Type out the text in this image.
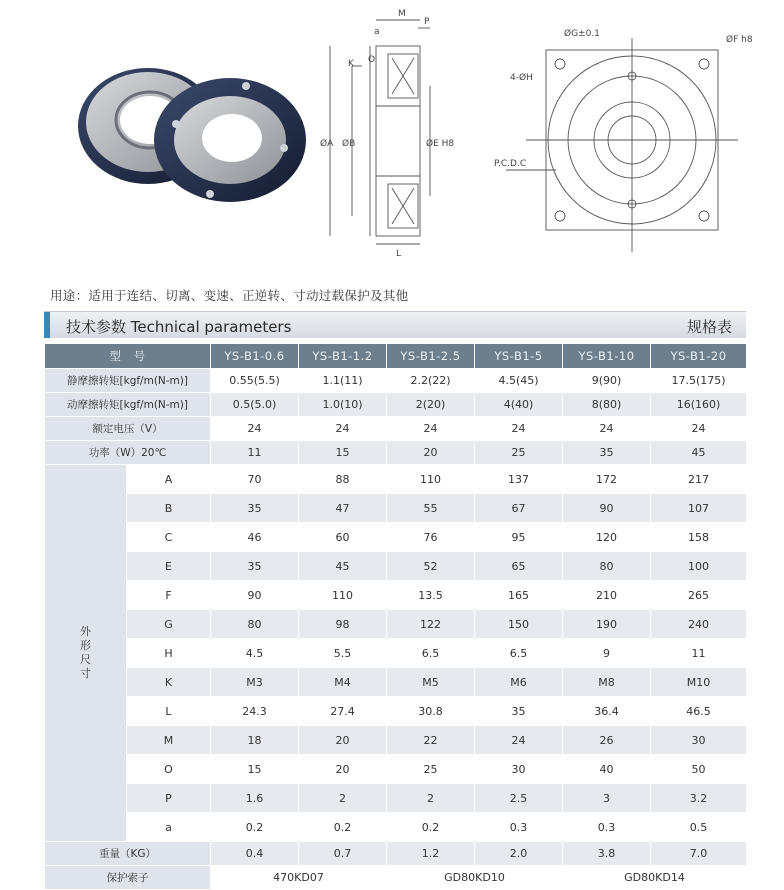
M
a
P
K O
ØA ØB	ØE H8
L
ØG±0.1
ØF h8
4-ØH
P.C.D.C
用途：适用于连结、切离、变速、正逆转、寸动过载保护及其他
技术参数 Technical parameters	规格表
型　号		YS-B1-0.6	YS-B1-1.2	YS-B1-2.5	YS-B1-5	YS-B1-10	YS-B1-20
静摩擦转矩[kgf/m(N-m)]		0.55(5.5)	1.1(11)	2.2(22)	4.5(45)	9(90)	17.5(175)
动摩擦转矩[kgf/m(N-m)]		0.5(5.0)	1.0(10)	2(20)	4(40)	8(80)	16(160)
额定电压（V）		24	24	24	24	24	24
功率（W）20℃		11	15	20	25	35	45
外形尺寸	A	70	88	110	137	172	217
	B	35	47	55	67	90	107
	C	46	60	76	95	120	158
	E	35	45	52	65	80	100
	F	90	110	13.5	165	210	265
	G	80	98	122	150	190	240
	H	4.5	5.5	6.5	6.5	9	11
	K	M3	M4	M5	M6	M8	M10
	L	24.3	27.4	30.8	35	36.4	46.5
	M	18	20	22	24	26	30
	O	15	20	25	30	40	50
	P	1.6	2	2	2.5	3	3.2
	a	0.2	0.2	0.2	0.3	0.3	0.5
重量（KG）		0.4	0.7	1.2	2.0	3.8	7.0
保护索子		470KD07		GD80KD10		GD80KD14	
